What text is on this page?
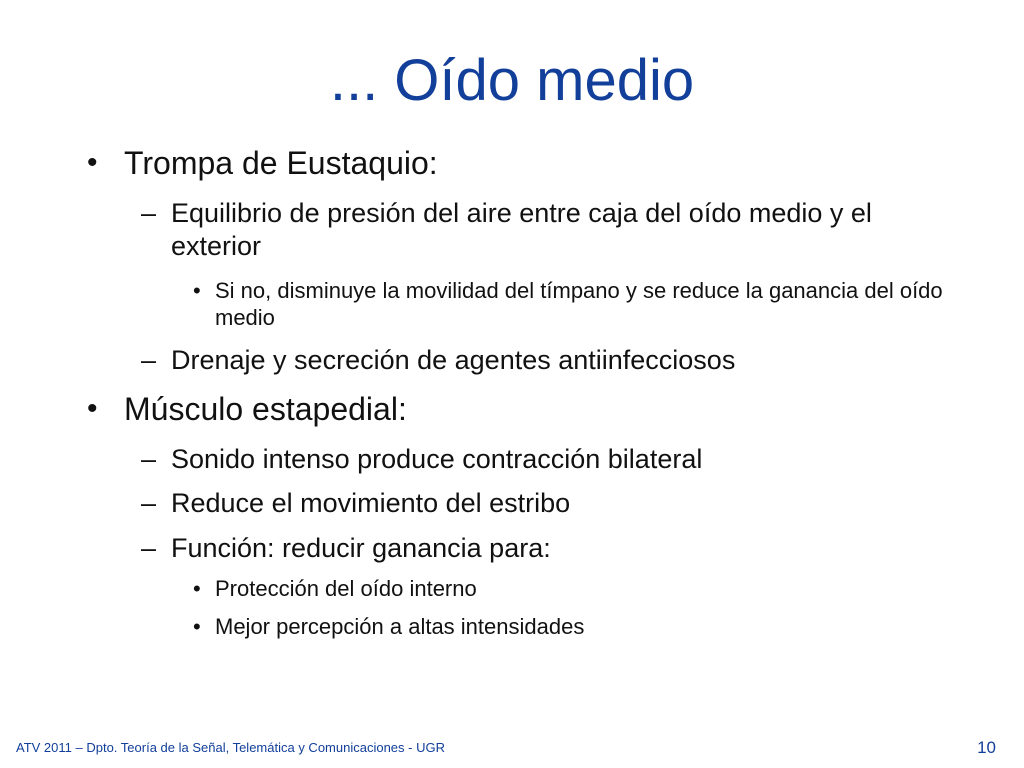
... Oído medio
• Trompa de Eustaquio:
– Equilibrio de presión del aire entre caja del oído medio y el exterior
• Si no, disminuye la movilidad del tímpano y se reduce la ganancia del oído medio
– Drenaje y secreción de agentes antiinfecciosos
• Músculo estapedial:
– Sonido intenso produce contracción bilateral
– Reduce el movimiento del estribo
– Función: reducir ganancia para:
• Protección del oído interno
• Mejor percepción a altas intensidades

ATV 2011 – Dpto. Teoría de la Señal, Telemática y Comunicaciones - UGR	10
